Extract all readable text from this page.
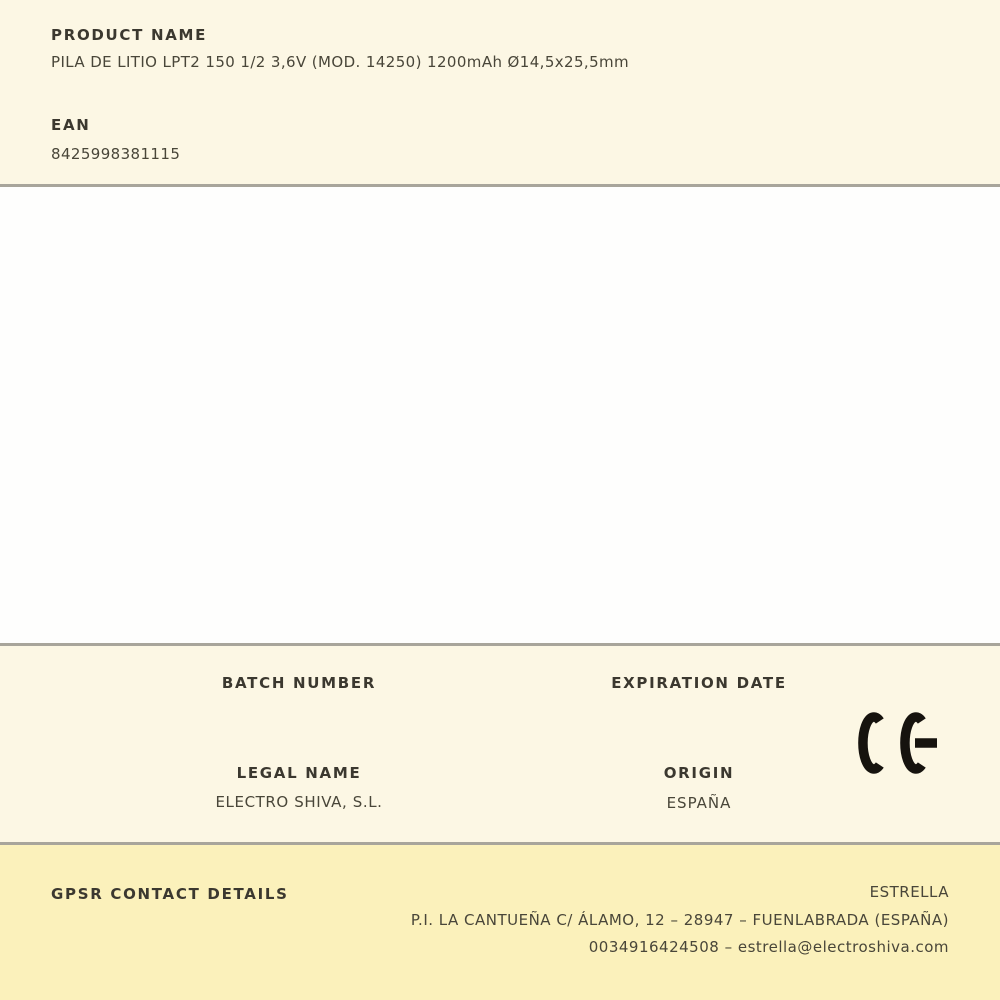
PRODUCT NAME
PILA DE LITIO LPT2 150 1/2 3,6V (MOD. 14250) 1200mAh Ø14,5x25,5mm
EAN
8425998381115
BATCH NUMBER	EXPIRATION DATE
LEGAL NAME	ORIGIN
ELECTRO SHIVA, S.L.	ESPAÑA
GPSR CONTACT DETAILS	ESTRELLA
P.I. LA CANTUEÑA C/ ÁLAMO, 12 – 28947 – FUENLABRADA (ESPAÑA)
0034916424508 – estrella@electroshiva.com
